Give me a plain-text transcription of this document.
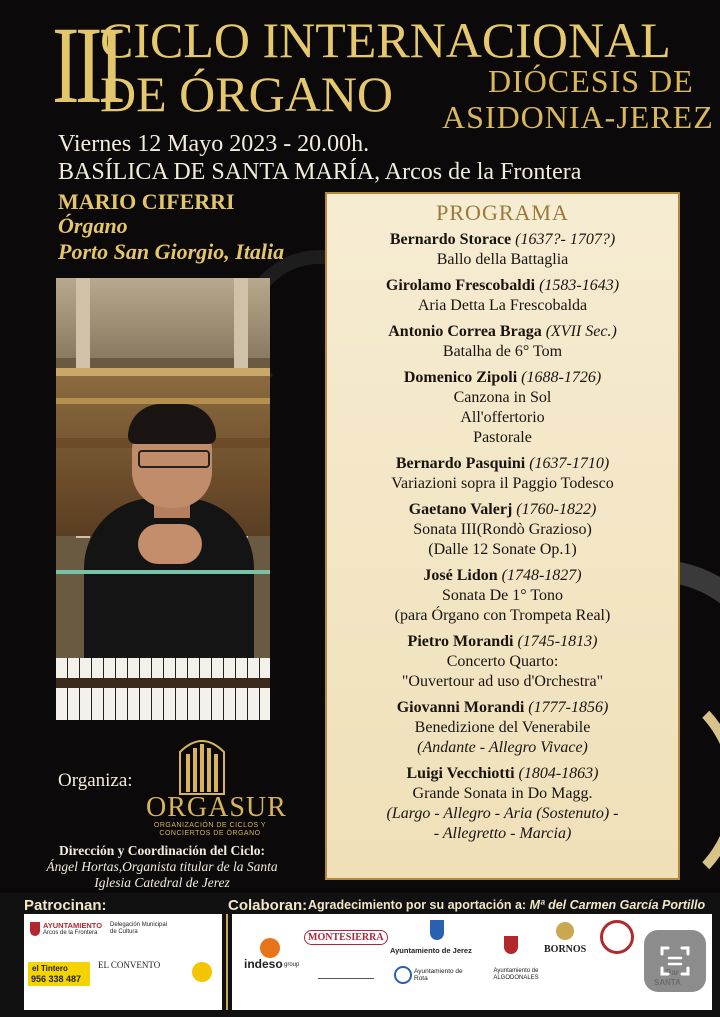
III
CICLO INTERNACIONAL
DE ÓRGANO	DIÓCESIS DE
ASIDONIA-JEREZ
Viernes 12 Mayo 2023 - 20.00h.
BASÍLICA DE SANTA MARÍA, Arcos de la Frontera
MARIO CIFERRI
Órgano
Porto San Giorgio, Italia
Organiza:
ORGASUR
ORGANIZACIÓN DE CICLOS Y CONCIERTOS DE ÓRGANO
Dirección y Coordinación del Ciclo:
Ángel Hortas,Organista titular de la Santa Iglesia Catedral de Jerez
PROGRAMA
Bernardo Storace (1637?- 1707?)
Ballo della Battaglia
Girolamo Frescobaldi (1583-1643)
Aria Detta La Frescobalda
Antonio Correa Braga (XVII Sec.)
Batalha de 6° Tom
Domenico Zipoli (1688-1726)
Canzona in Sol
All'offertorio
Pastorale
Bernardo Pasquini (1637-1710)
Variazioni sopra il Paggio Todesco
Gaetano Valerj (1760-1822)
Sonata III(Rondò Grazioso)
(Dalle 12 Sonate Op.1)
José Lidon (1748-1827)
Sonata De 1° Tono
(para Órgano con Trompeta Real)
Pietro Morandi (1745-1813)
Concerto Quarto:
"Ouvertour ad uso d'Orchestra"
Giovanni Morandi (1777-1856)
Benedizione del Venerabile
(Andante - Allegro Vivace)
Luigi Vecchiotti (1804-1863)
Grande Sonata in Do Magg.
(Largo - Allegro - Aria (Sostenuto) -
- Allegretto - Marcia)
Patrocinan:	Colaboran: Agradecimiento por su aportación a: Mª del Carmen García Portillo
AYUNTAMIENTO
Arcos de la Frontera
Delegación Municipal de Cultura
EL CONVENTO
el Tintero
956 338 487
indeso group
MONTESIERRA
Ayuntamiento de Jerez
Ayuntamiento de Rota
Ayuntamiento de ALGODONALES
BORNOS
